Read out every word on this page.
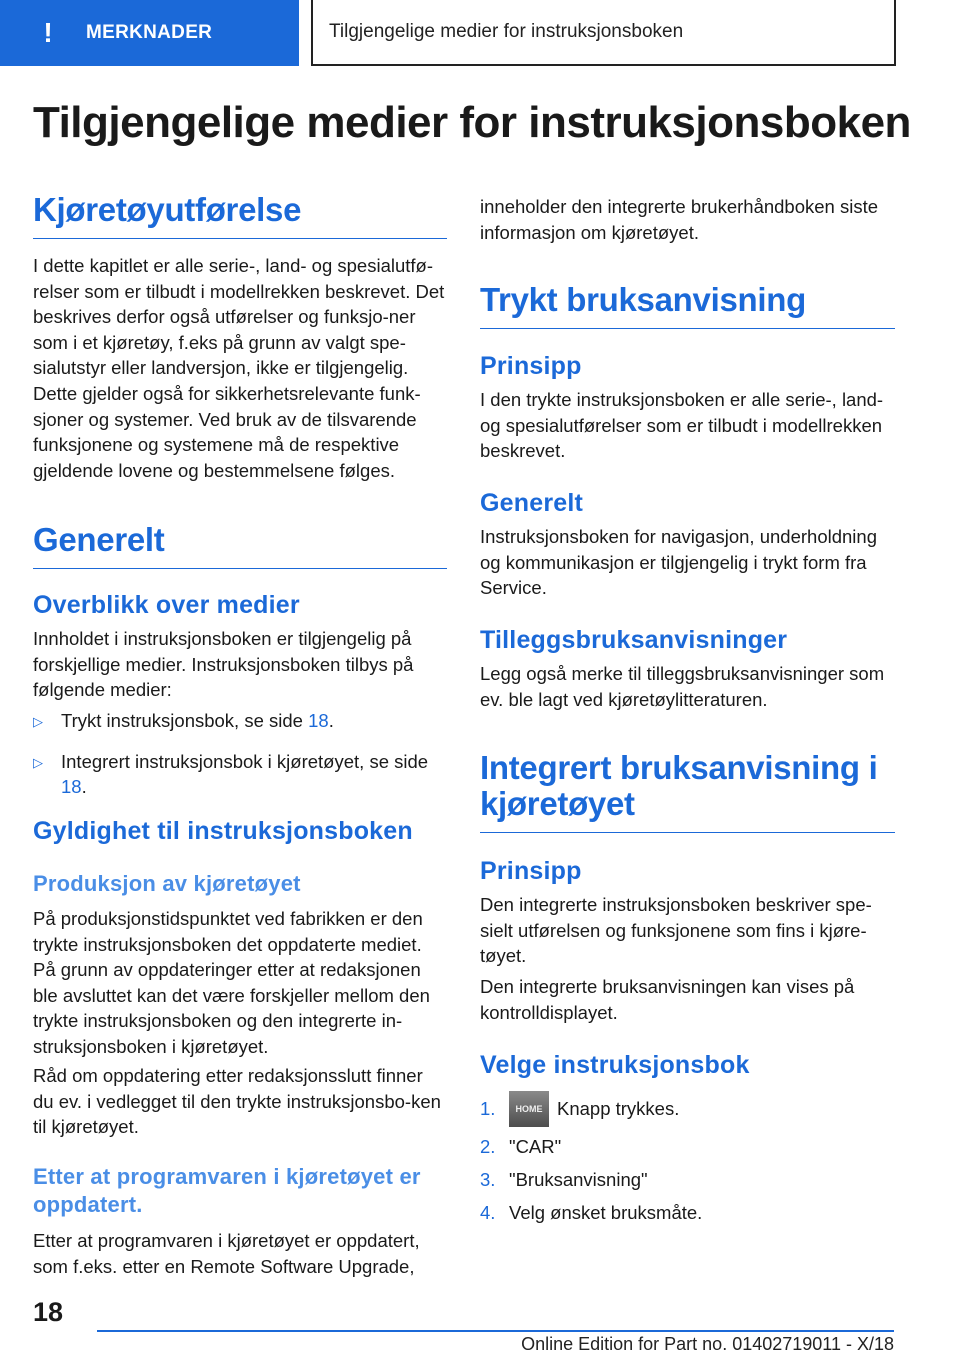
! MERKNADER	Tilgjengelige medier for instruksjonsboken
Tilgjengelige medier for instruksjonsboken
Kjøretøyutførelse
I dette kapitlet er alle serie-, land- og spesialutfø-relser som er tilbudt i modellrekken beskrevet. Det beskrives derfor også utførelser og funksjo-ner som i et kjøretøy, f.eks på grunn av valgt spe-sialutstyr eller landversjon, ikke er tilgjengelig. Dette gjelder også for sikkerhetsrelevante funk-sjoner og systemer. Ved bruk av de tilsvarende funksjonene og systemene må de respektive gjeldende lovene og bestemmelsene følges.
Generelt
Overblikk over medier
Innholdet i instruksjonsboken er tilgjengelig på forskjellige medier. Instruksjonsboken tilbys på følgende medier:
▷ Trykt instruksjonsbok, se side 18.
▷ Integrert instruksjonsbok i kjøretøyet, se side 18.
Gyldighet til instruksjonsboken
Produksjon av kjøretøyet
På produksjonstidspunktet ved fabrikken er den trykte instruksjonsboken det oppdaterte mediet. På grunn av oppdateringer etter at redaksjonen ble avsluttet kan det være forskjeller mellom den trykte instruksjonsboken og den integrerte in-struksjonsboken i kjøretøyet.
Råd om oppdatering etter redaksjonsslutt finner du ev. i vedlegget til den trykte instruksjonsbo-ken til kjøretøyet.
Etter at programvaren i kjøretøyet er oppdatert.
Etter at programvaren i kjøretøyet er oppdatert, som f.eks. etter en Remote Software Upgrade,
inneholder den integrerte brukerhåndboken siste informasjon om kjøretøyet.
Trykt bruksanvisning
Prinsipp
I den trykte instruksjonsboken er alle serie-, land- og spesialutførelser som er tilbudt i modellrekken beskrevet.
Generelt
Instruksjonsboken for navigasjon, underholdning og kommunikasjon er tilgjengelig i trykt form fra Service.
Tilleggsbruksanvisninger
Legg også merke til tilleggsbruksanvisninger som ev. ble lagt ved kjøretøylitteraturen.
Integrert bruksanvisning i kjøretøyet
Prinsipp
Den integrerte instruksjonsboken beskriver spe-sielt utførelsen og funksjonene som fins i kjøre-tøyet.
Den integrerte bruksanvisningen kan vises på kontrolldisplayet.
Velge instruksjonsbok
1.	HOME Knapp trykkes.
2. "CAR"
3. "Bruksanvisning"
4. Velg ønsket bruksmåte.
18
Online Edition for Part no. 01402719011 - X/18
